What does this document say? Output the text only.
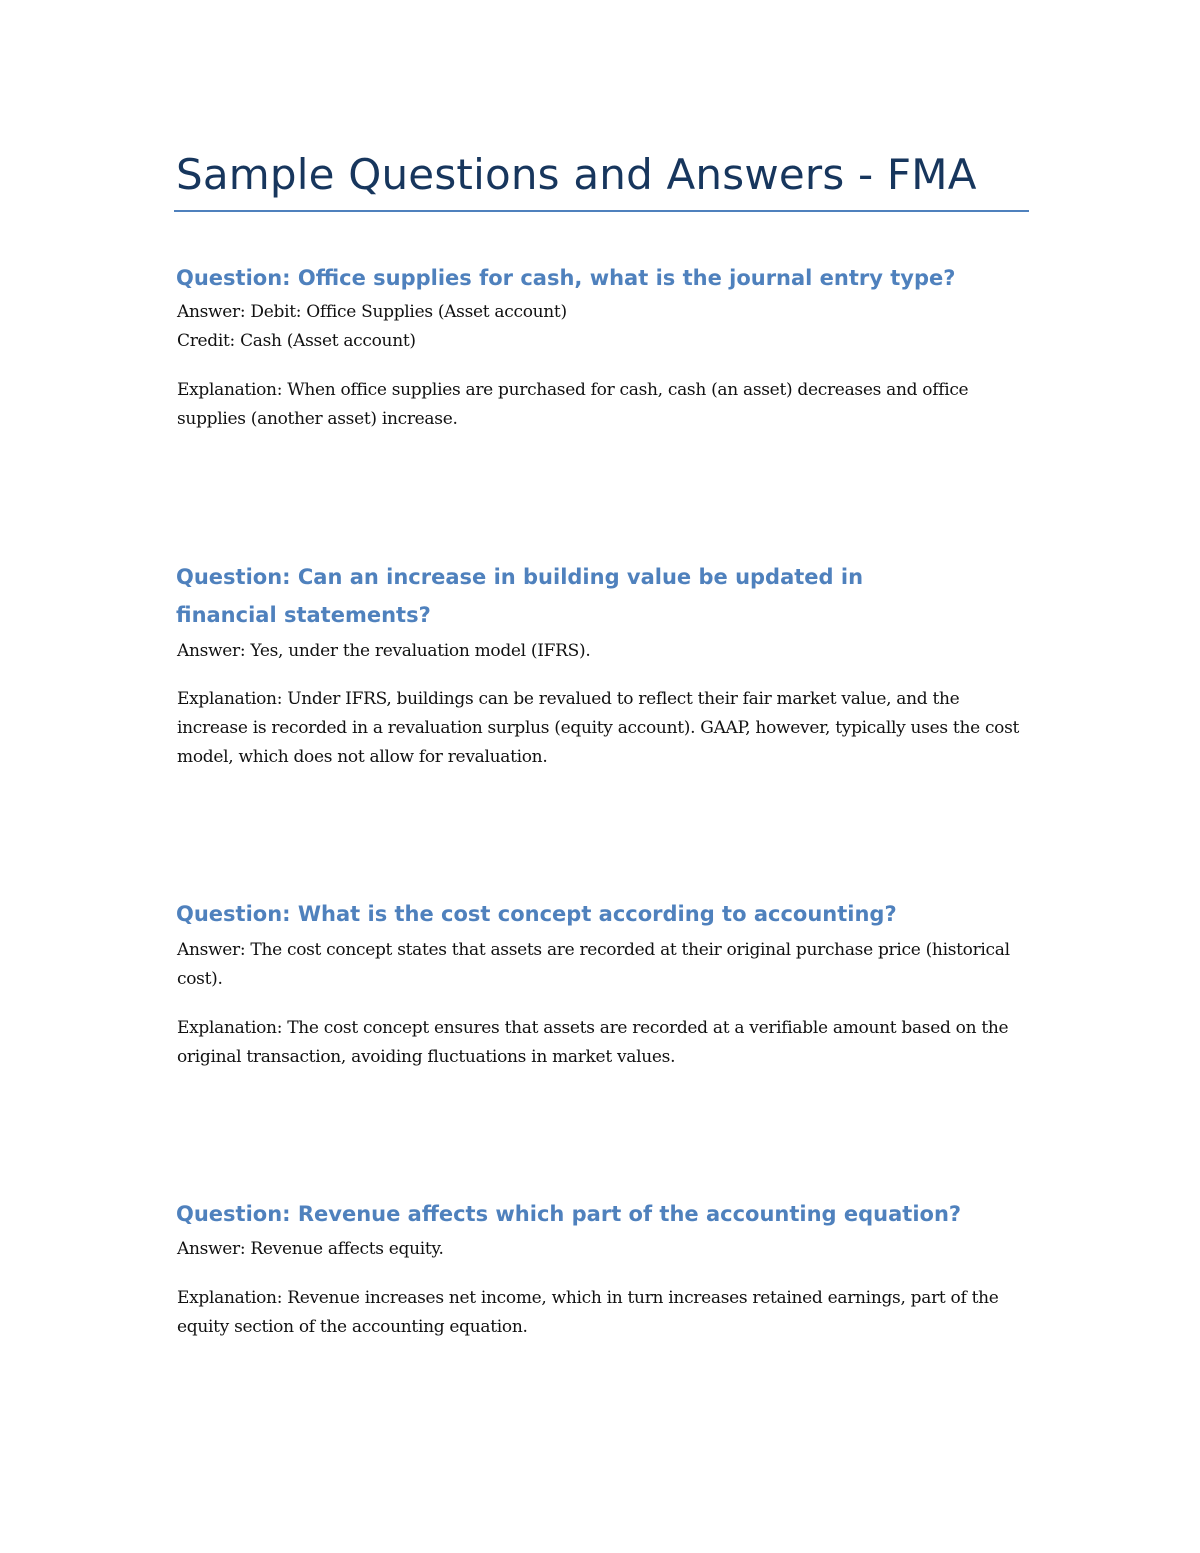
Sample Questions and Answers - FMA
Question: Office supplies for cash, what is the journal entry type?

Answer: Debit: Office Supplies (Asset account)
Credit: Cash (Asset account)

Explanation: When office supplies are purchased for cash, cash (an asset) decreases and office supplies (another asset) increase.

Question: Can an increase in building value be updated in financial statements?

Answer: Yes, under the revaluation model (IFRS).

Explanation: Under IFRS, buildings can be revalued to reflect their fair market value, and the increase is recorded in a revaluation surplus (equity account). GAAP, however, typically uses the cost model, which does not allow for revaluation.

Question: What is the cost concept according to accounting?

Answer: The cost concept states that assets are recorded at their original purchase price (historical cost).

Explanation: The cost concept ensures that assets are recorded at a verifiable amount based on the original transaction, avoiding fluctuations in market values.

Question: Revenue affects which part of the accounting equation?

Answer: Revenue affects equity.

Explanation: Revenue increases net income, which in turn increases retained earnings, part of the equity section of the accounting equation.
